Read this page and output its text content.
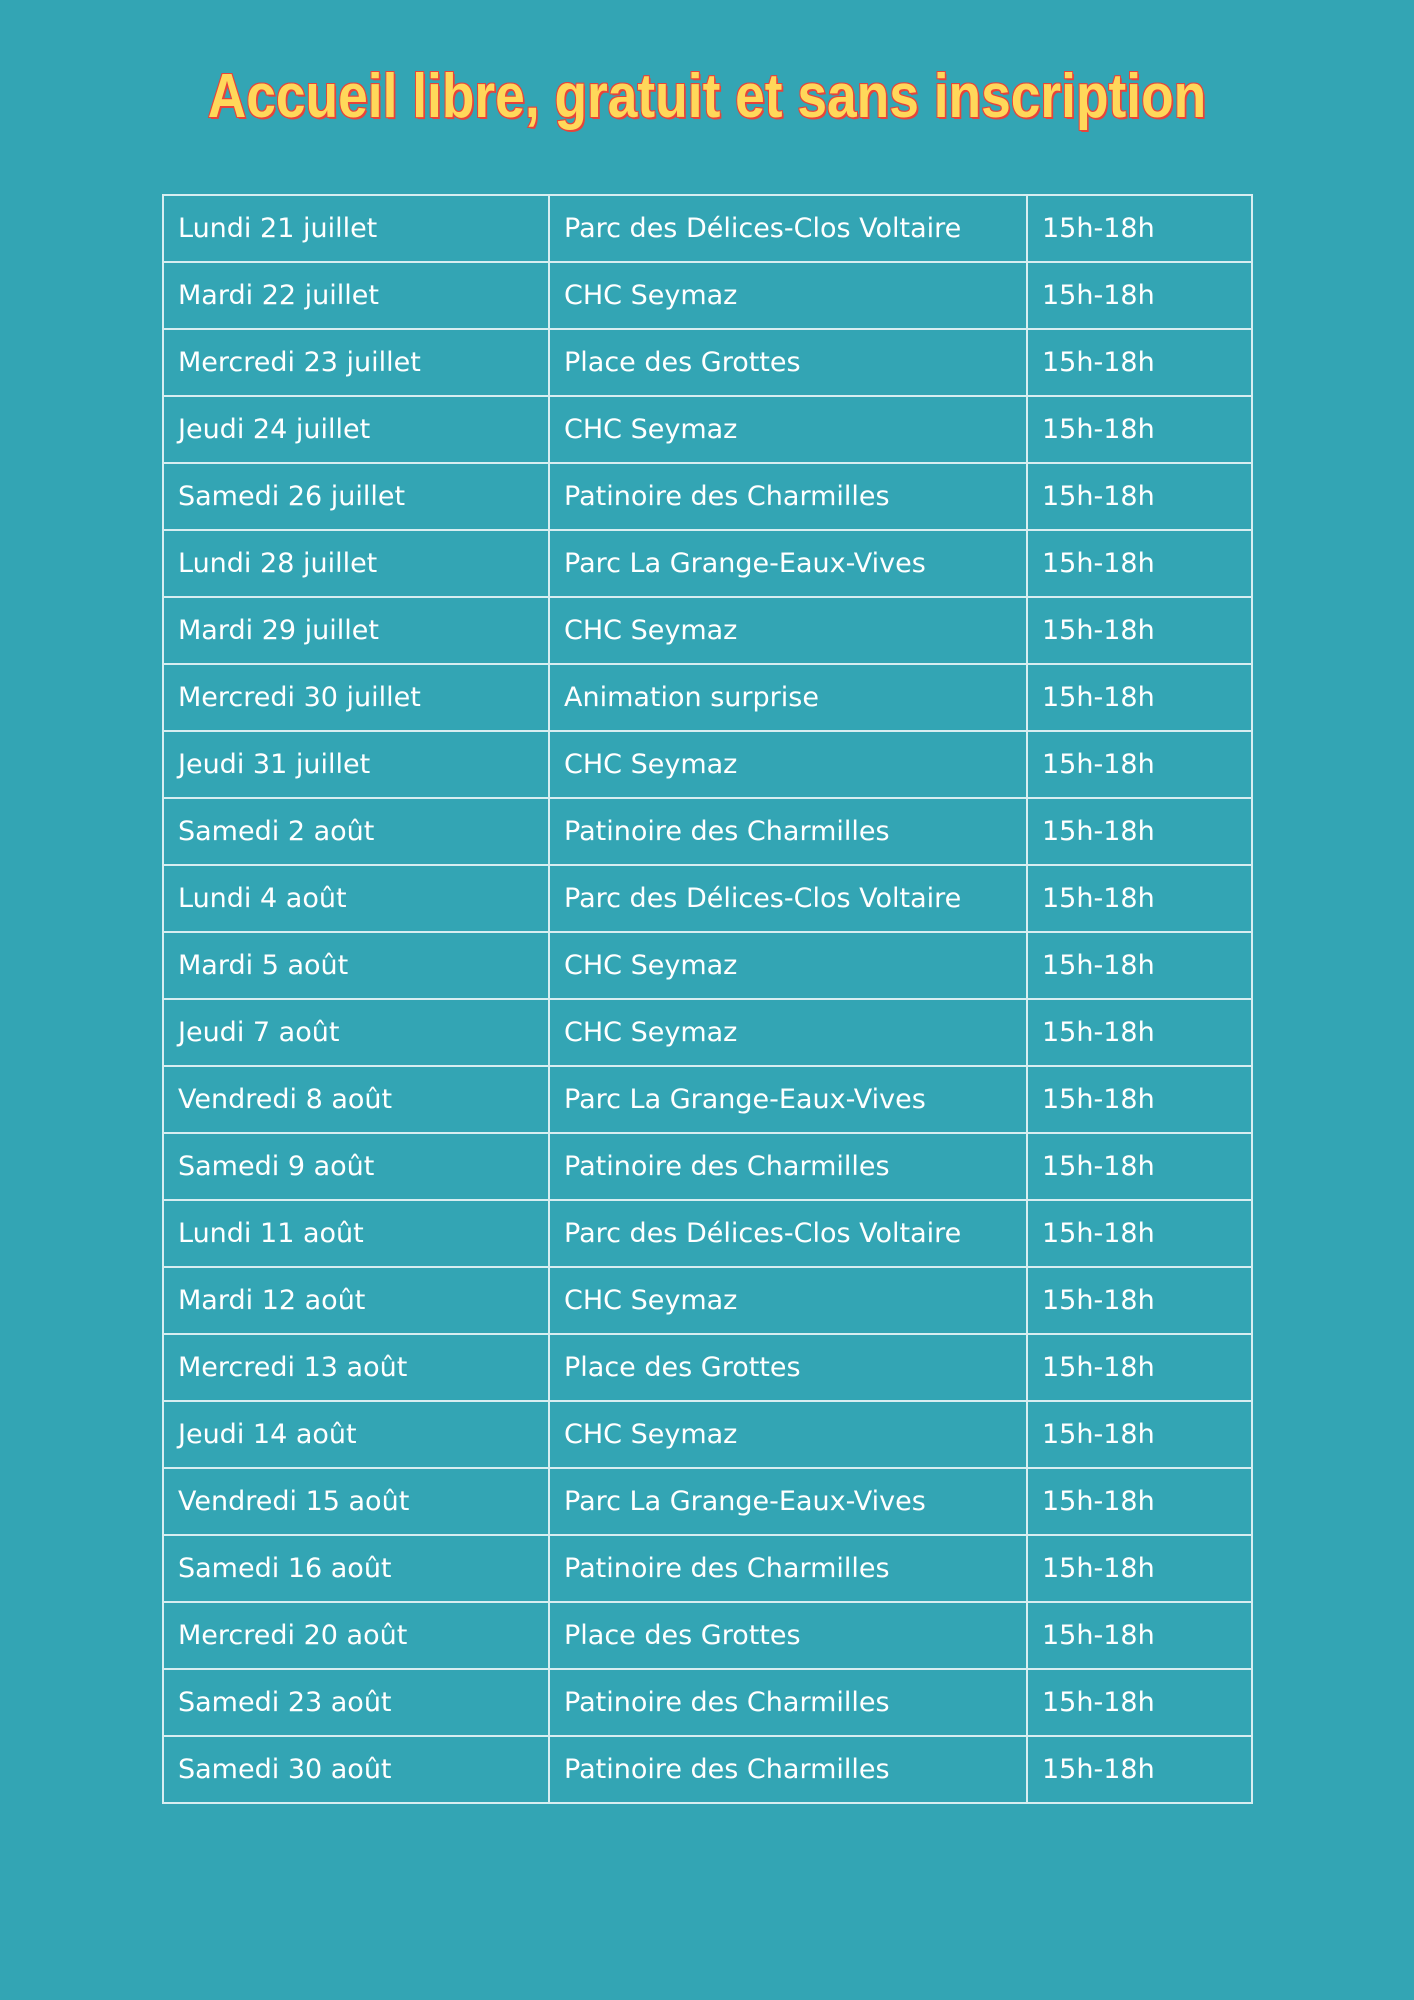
Accueil libre, gratuit et sans inscription
Lundi 21 juillet	Parc des Délices-Clos Voltaire	15h-18h
Mardi 22 juillet	CHC Seymaz	15h-18h
Mercredi 23 juillet	Place des Grottes	15h-18h
Jeudi 24 juillet	CHC Seymaz	15h-18h
Samedi 26 juillet	Patinoire des Charmilles	15h-18h
Lundi 28 juillet	Parc La Grange-Eaux-Vives	15h-18h
Mardi 29 juillet	CHC Seymaz	15h-18h
Mercredi 30 juillet	Animation surprise	15h-18h
Jeudi 31 juillet	CHC Seymaz	15h-18h
Samedi 2 août	Patinoire des Charmilles	15h-18h
Lundi 4 août	Parc des Délices-Clos Voltaire	15h-18h
Mardi 5 août	CHC Seymaz	15h-18h
Jeudi 7 août	CHC Seymaz	15h-18h
Vendredi 8 août	Parc La Grange-Eaux-Vives	15h-18h
Samedi 9 août	Patinoire des Charmilles	15h-18h
Lundi 11 août	Parc des Délices-Clos Voltaire	15h-18h
Mardi 12 août	CHC Seymaz	15h-18h
Mercredi 13 août	Place des Grottes	15h-18h
Jeudi 14 août	CHC Seymaz	15h-18h
Vendredi 15 août	Parc La Grange-Eaux-Vives	15h-18h
Samedi 16 août	Patinoire des Charmilles	15h-18h
Mercredi 20 août	Place des Grottes	15h-18h
Samedi 23 août	Patinoire des Charmilles	15h-18h
Samedi 30 août	Patinoire des Charmilles	15h-18h
